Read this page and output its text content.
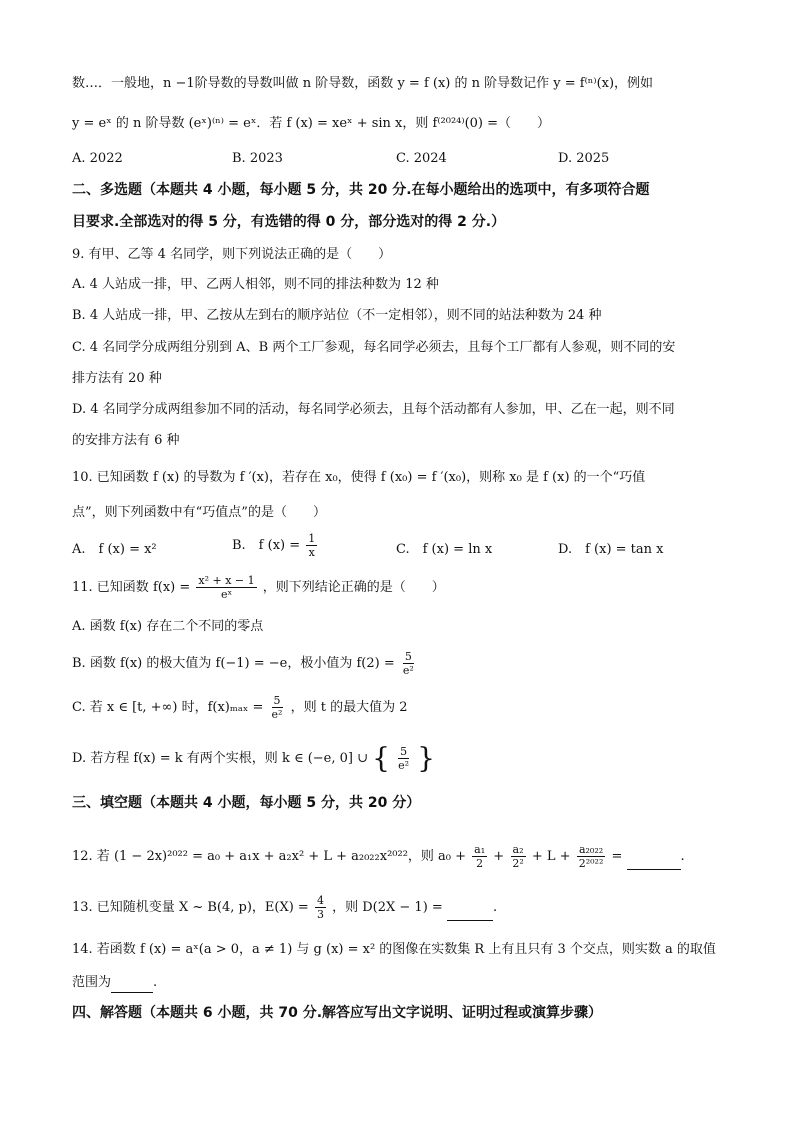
数…．一般地，n −1阶导数的导数叫做 n 阶导数，函数 y = f (x) 的 n 阶导数记作 y = f⁽ⁿ⁾(x)，例如
y = eˣ 的 n 阶导数 (eˣ)⁽ⁿ⁾ = eˣ．若 f (x) = xeˣ + sin x，则 f⁽²⁰²⁴⁾(0) =（　　）
A. 2022	B. 2023	C. 2024	D. 2025
二、多选题（本题共 4 小题，每小题 5 分，共 20 分.在每小题给出的选项中，有多项符合题
目要求.全部选对的得 5 分，有选错的得 0 分，部分选对的得 2 分.）
9. 有甲、乙等 4 名同学，则下列说法正确的是（　　）
A. 4 人站成一排，甲、乙两人相邻，则不同的排法种数为 12 种
B. 4 人站成一排，甲、乙按从左到右的顺序站位（不一定相邻），则不同的站法种数为 24 种
C. 4 名同学分成两组分别到 A、B 两个工厂参观，每名同学必须去，且每个工厂都有人参观，则不同的安
排方法有 20 种
D. 4 名同学分成两组参加不同的活动，每名同学必须去，且每个活动都有人参加，甲、乙在一起，则不同
的安排方法有 6 种
10. 已知函数 f (x) 的导数为 f ′(x)，若存在 x₀，使得 f (x₀) = f ′(x₀)，则称 x₀ 是 f (x) 的一个“巧值
点”，则下列函数中有“巧值点”的是（　　）
A.　f (x) = x²	B.　f $(x) = \frac{1}{x}$	C.　f (x) = ln x	D.　f (x) = tan x
11. 已知函数 $f(x) = \frac{\text{x² + x − 1}}{\text{eˣ}}$ ，则下列结论正确的是（　　）
A. 函数 f(x) 存在二个不同的零点
B. 函数 f(x) 的极大值为 f(−1) = −e，极小值为 $f(2) = \frac{5}{\text{e²}}$
C. 若 x ∈ [t, +∞) 时，$f(x)_{max} = \frac{5}{\text{e²}}$ ，则 t 的最大值为 2
D. 若方程 f(x) = k 有两个实根，则 k ∈ (−e, 0] ∪ { $\frac{5}{\text{e²}}$ }
三、填空题（本题共 4 小题，每小题 5 分，共 20 分）
12. 若 (1 − 2x)²⁰²² = a₀ + a₁x + a₂x² + L + a₂₀₂₂x²⁰²²，则 $a_0 + \frac{\text{a₁}}{2} + \frac{\text{a₂}}{\text{2²}} + L + \frac{\text{a₂₀₂₂}}{\text{2²⁰²²}}$ =	.
13. 已知随机变量 X ~ B(4, p)，$E(X) = \frac{4}{3}$ ，则 D(2X − 1) =	.
14. 若函数 f (x) = aˣ(a > 0，a ≠ 1) 与 g (x) = x² 的图像在实数集 R 上有且只有 3 个交点，则实数 a 的取值
范围为	.
四、解答题（本题共 6 小题，共 70 分.解答应写出文字说明、证明过程或演算步骤）
